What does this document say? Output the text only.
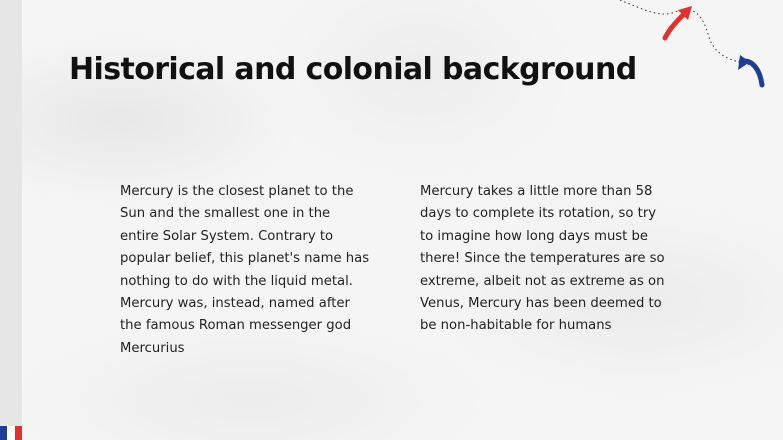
Historical and colonial background

Mercury is the closest planet to the Sun and the smallest one in the entire Solar System. Contrary to popular belief, this planet's name has nothing to do with the liquid metal. Mercury was, instead, named after the famous Roman messenger god Mercurius

Mercury takes a little more than 58 days to complete its rotation, so try to imagine how long days must be there! Since the temperatures are so extreme, albeit not as extreme as on Venus, Mercury has been deemed to be non-habitable for humans
